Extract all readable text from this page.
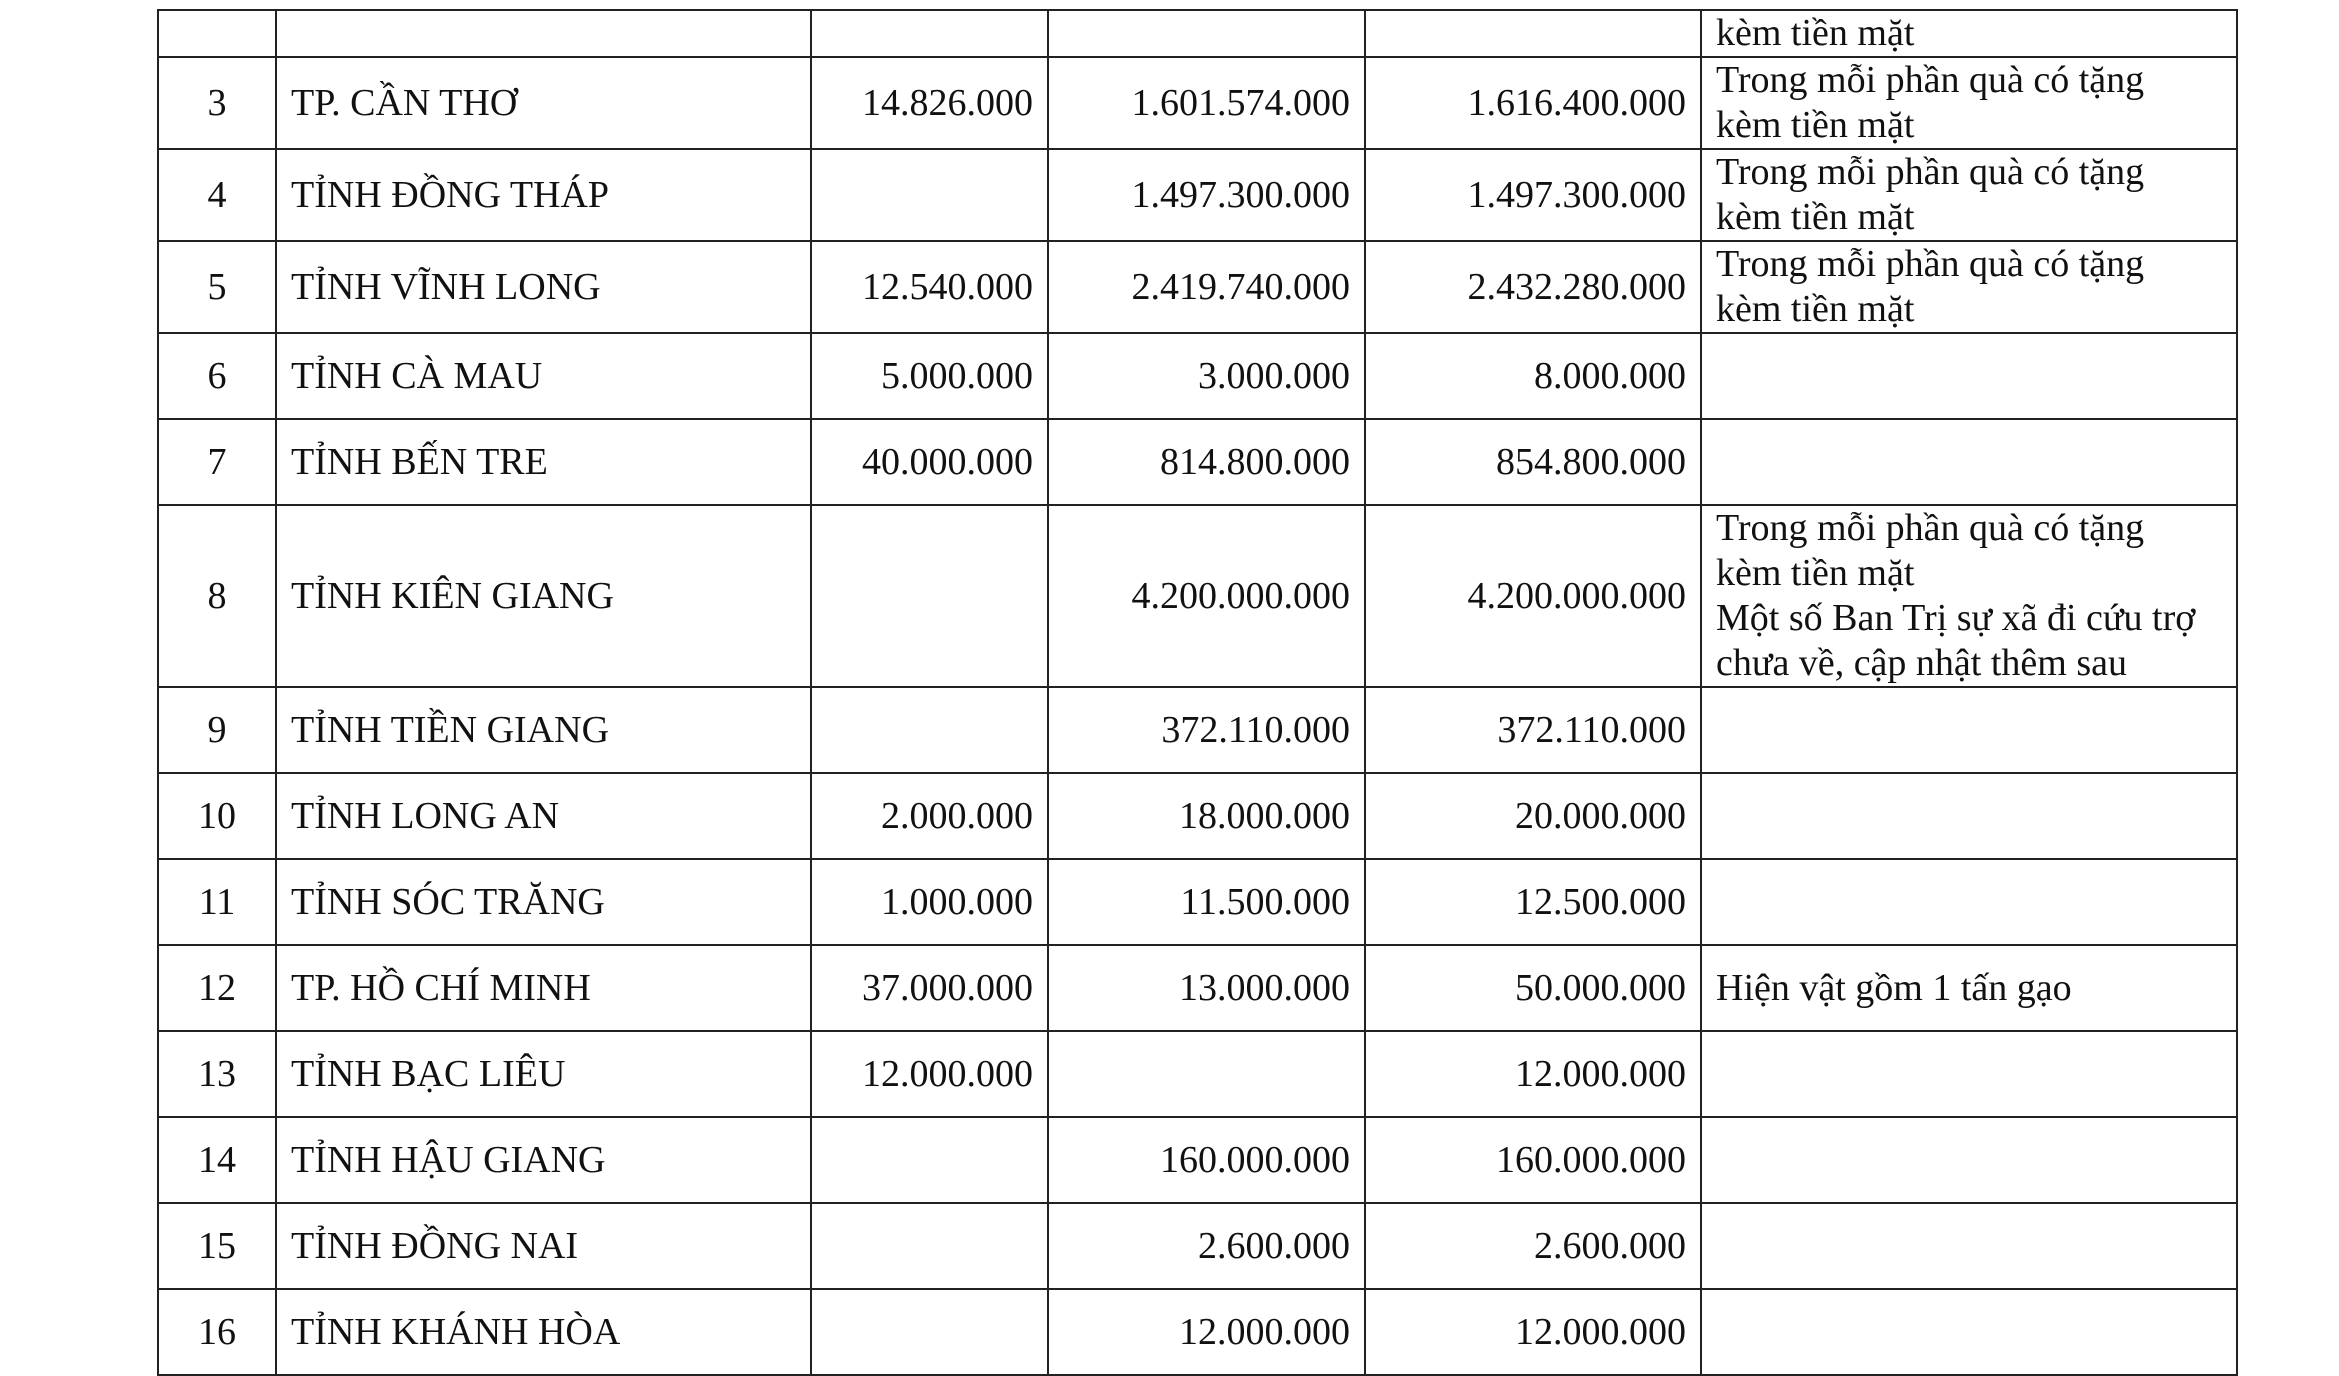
					kèm tiền mặt

3	TP. CẦN THƠ	14.826.000	1.601.574.000	1.616.400.000	Trong mỗi phần quà có tặng
kèm tiền mặt

4	TỈNH ĐỒNG THÁP		1.497.300.000	1.497.300.000	Trong mỗi phần quà có tặng
kèm tiền mặt

5	TỈNH VĨNH LONG	12.540.000	2.419.740.000	2.432.280.000	Trong mỗi phần quà có tặng
kèm tiền mặt

6	TỈNH CÀ MAU	5.000.000	3.000.000	8.000.000	
7	TỈNH BẾN TRE	40.000.000	814.800.000	854.800.000	
8	TỈNH KIÊN GIANG		4.200.000.000	4.200.000.000	Trong mỗi phần quà có tặng
kèm tiền mặt
Một số Ban Trị sự xã đi cứu trợ
chưa về, cập nhật thêm sau

9	TỈNH TIỀN GIANG		372.110.000	372.110.000	
10	TỈNH LONG AN	2.000.000	18.000.000	20.000.000	
11	TỈNH SÓC TRĂNG	1.000.000	11.500.000	12.500.000	
12	TP. HỒ CHÍ MINH	37.000.000	13.000.000	50.000.000	Hiện vật gồm 1 tấn gạo

13	TỈNH BẠC LIÊU	12.000.000		12.000.000	
14	TỈNH HẬU GIANG		160.000.000	160.000.000	
15	TỈNH ĐỒNG NAI		2.600.000	2.600.000	
16	TỈNH KHÁNH HÒA		12.000.000	12.000.000	
